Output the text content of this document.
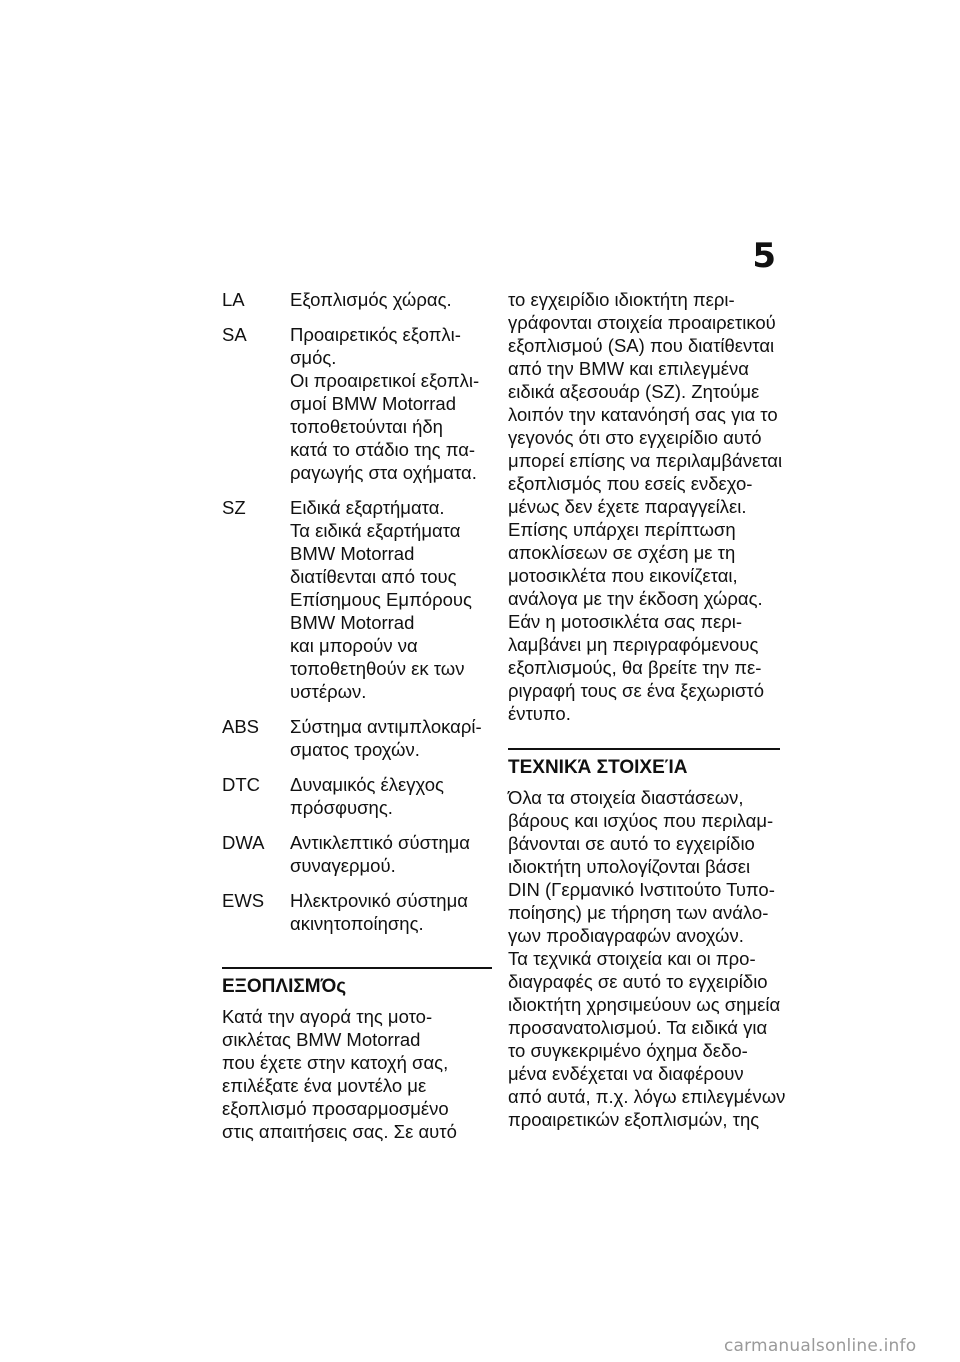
5
LA	Εξοπλισμός χώρας.
SA	Προαιρετικός εξοπλι-
σμός.
Οι προαιρετικοί εξοπλι-
σμοί BMW Motorrad
τοποθετούνται ήδη
κατά το στάδιο της πα-
ραγωγής στα οχήματα.
SZ	Ειδικά εξαρτήματα.
Τα ειδικά εξαρτήματα
BMW Motorrad
διατίθενται από τους
Επίσημους Εμπόρους
BMW Motorrad
και μπορούν να
τοποθετηθούν εκ των
υστέρων.
ABS	Σύστημα αντιμπλοκαρί-
σματος τροχών.
DTC	Δυναμικός έλεγχος
πρόσφυσης.
DWA	Αντικλεπτικό σύστημα
συναγερμού.
EWS	Ηλεκτρονικό σύστημα
ακινητοποίησης.
ΕΞΟΠΛΙΣΜΌς
Κατά την αγορά της μοτο-
σικλέτας BMW Motorrad
που έχετε στην κατοχή σας,
επιλέξατε ένα μοντέλο με
εξοπλισμό προσαρμοσμένο
στις απαιτήσεις σας. Σε αυτό
το εγχειρίδιο ιδιοκτήτη περι-
γράφονται στοιχεία προαιρετικού
εξοπλισμού (SA) που διατίθενται
από την BMW και επιλεγμένα
ειδικά αξεσουάρ (SZ). Ζητούμε
λοιπόν την κατανόησή σας για το
γεγονός ότι στο εγχειρίδιο αυτό
μπορεί επίσης να περιλαμβάνεται
εξοπλισμός που εσείς ενδεχο-
μένως δεν έχετε παραγγείλει.
Επίσης υπάρχει περίπτωση
αποκλίσεων σε σχέση με τη
μοτοσικλέτα που εικονίζεται,
ανάλογα με την έκδοση χώρας.
Εάν η μοτοσικλέτα σας περι-
λαμβάνει μη περιγραφόμενους
εξοπλισμούς, θα βρείτε την πε-
ριγραφή τους σε ένα ξεχωριστό
έντυπο.
ΤΕΧΝΙΚΆ ΣΤΟΙΧΕΊΑ
Όλα τα στοιχεία διαστάσεων,
βάρους και ισχύος που περιλαμ-
βάνονται σε αυτό το εγχειρίδιο
ιδιοκτήτη υπολογίζονται βάσει
DIN (Γερμανικό Ινστιτούτο Τυπο-
ποίησης) με τήρηση των ανάλο-
γων προδιαγραφών ανοχών.
Τα τεχνικά στοιχεία και οι προ-
διαγραφές σε αυτό το εγχειρίδιο
ιδιοκτήτη χρησιμεύουν ως σημεία
προσανατολισμού. Τα ειδικά για
το συγκεκριμένο όχημα δεδο-
μένα ενδέχεται να διαφέρουν
από αυτά, π.χ. λόγω επιλεγμένων
προαιρετικών εξοπλισμών, της
carmanualsonline.info
